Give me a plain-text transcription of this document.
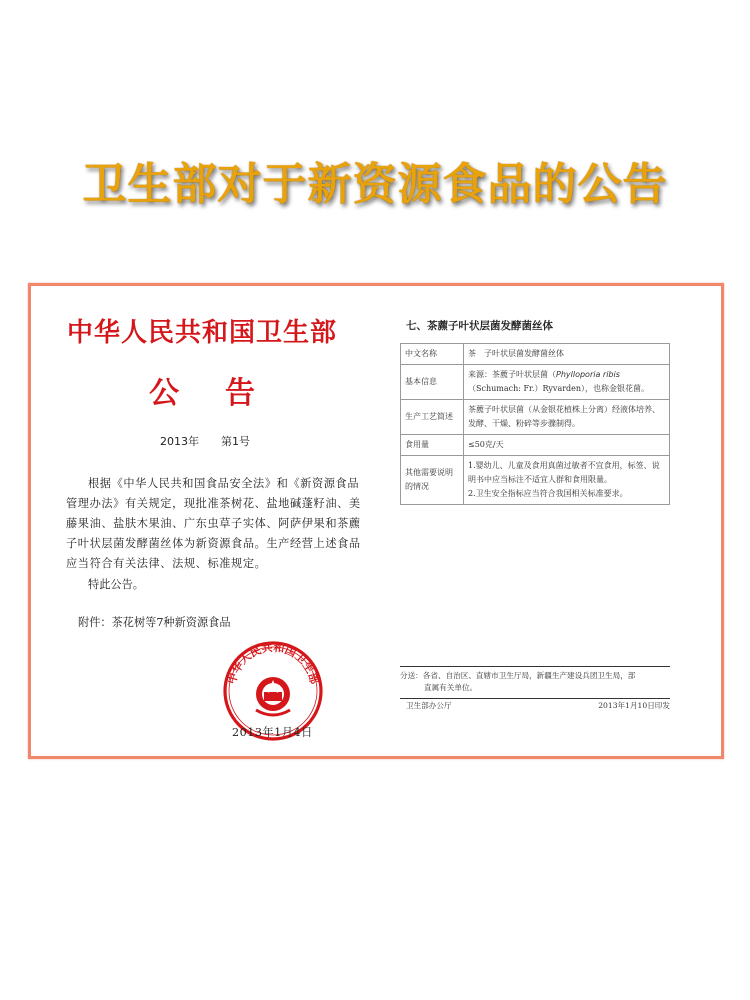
卫生部对于新资源食品的公告
中华人民共和国卫生部
公告
2013年 第1号
根据《中华人民共和国食品安全法》和《新资源食品管理办法》有关规定，现批准茶树花、盐地碱蓬籽油、美藤果油、盐肤木果油、广东虫草子实体、阿萨伊果和茶藨子叶状层菌发酵菌丝体为新资源食品。生产经营上述食品应当符合有关法律、法规、标准规定。
特此公告。
附件：茶花树等7种新资源食品
中华人民共和国卫生部
2013年1月4日
七、茶藨子叶状层菌发酵菌丝体
中文名称	茶　子叶状层菌发酵菌丝体
基本信息	来源：茶藨子叶状层菌（Phylloporia ribis
（Schumach: Fr.）Ryvarden），也称金银花菌。
生产工艺简述	茶藨子叶状层菌（从金银花植株上分离）经液体培养、发酵、干燥、粉碎等步骤制得。
食用量	≤50克/天
其他需要说明的情况	1.婴幼儿、儿童及食用真菌过敏者不宜食用，标签、说明书中应当标注不适宜人群和食用限量。
2.卫生安全指标应当符合我国相关标准要求。
分送：各省、自治区、直辖市卫生厅局，新疆生产建设兵团卫生局，部
直属有关单位。
卫生部办公厅	2013年1月10日印发
